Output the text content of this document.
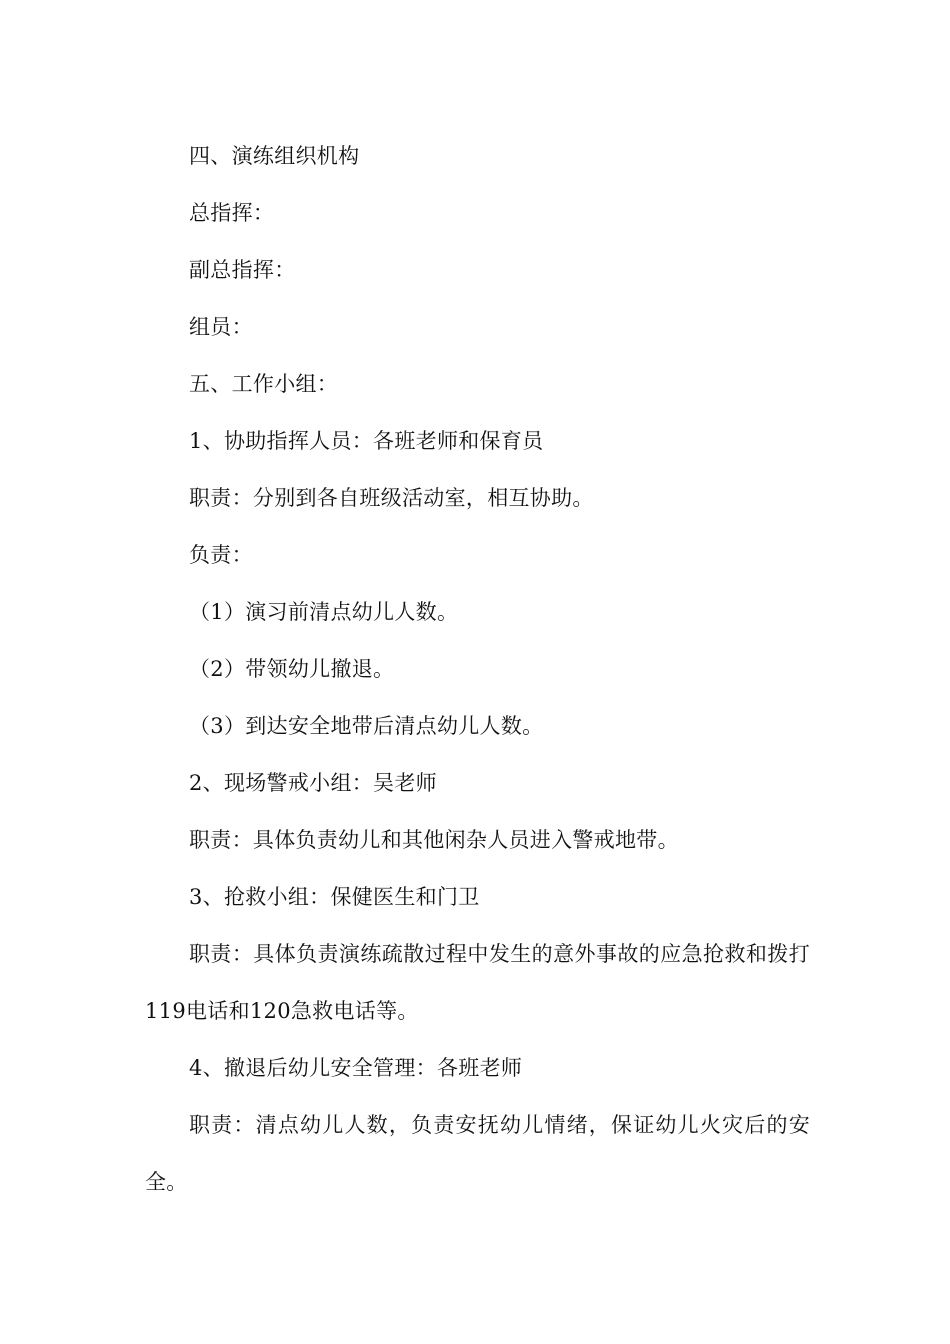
四、演练组织机构

总指挥：

副总指挥：

组员：

五、工作小组：

1、协助指挥人员：各班老师和保育员

职责：分别到各自班级活动室，相互协助。

负责：

（1）演习前清点幼儿人数。

（2）带领幼儿撤退。

（3）到达安全地带后清点幼儿人数。

2、现场警戒小组：吴老师

职责：具体负责幼儿和其他闲杂人员进入警戒地带。

3、抢救小组：保健医生和门卫

职责：具体负责演练疏散过程中发生的意外事故的应急抢救和拨打119电话和120急救电话等。

4、撤退后幼儿安全管理：各班老师

职责：清点幼儿人数，负责安抚幼儿情绪，保证幼儿火灾后的安全。
